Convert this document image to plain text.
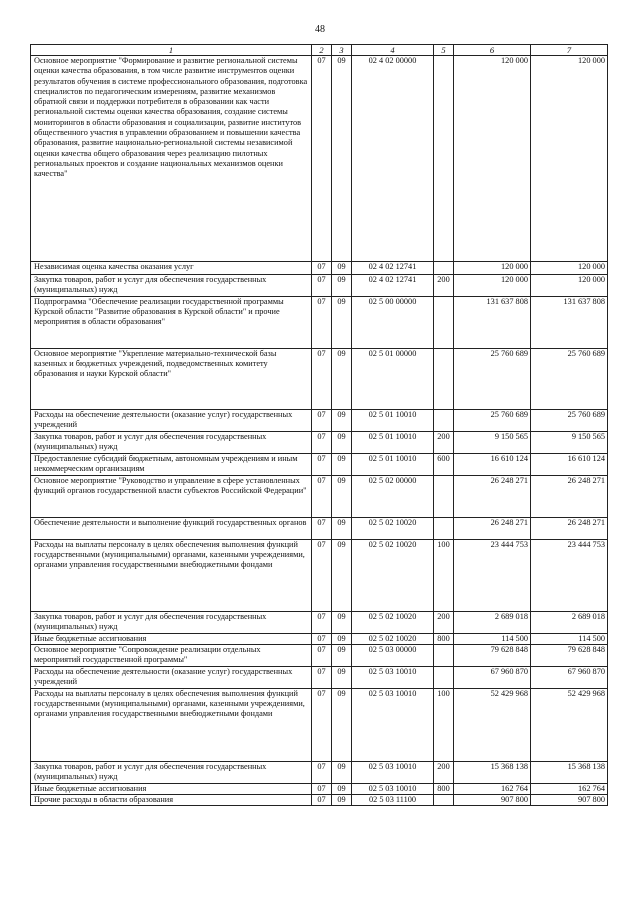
48
1	2	3	4	5	6	7
Основное мероприятие "Формирование и развитие региональной системы оценки качества образования, в том числе развитие инструментов оценки результатов обучения в системе профессионального образования, подготовка специалистов по педагогическим измерениям, развитие механизмов обратной связи и поддержки потребителя в образовании как части региональной системы оценки качества образования, создание системы мониторингов в области образования и социализации, развитие институтов общественного участия в управлении образованием и повышении качества образования, развитие национально-региональной системы независимой оценки качества общего образования через реализацию пилотных региональных проектов и создание национальных механизмов оценки качества"	07	09	02 4 02 00000		120 000	120 000
Независимая оценка качества оказания услуг	07	09	02 4 02 12741		120 000	120 000
Закупка товаров, работ и услуг для обеспечения государственных (муниципальных) нужд	07	09	02 4 02 12741	200	120 000	120 000
Подпрограмма "Обеспечение реализации государственной программы Курской области "Развитие образования в Курской области" и прочие мероприятия в области образования"	07	09	02 5 00 00000		131 637 808	131 637 808
Основное мероприятие "Укрепление материально-технической базы казенных и бюджетных учреждений, подведомственных комитету образования и науки Курской области"	07	09	02 5 01 00000		25 760 689	25 760 689
Расходы на обеспечение деятельности (оказание услуг) государственных учреждений	07	09	02 5 01 10010		25 760 689	25 760 689
Закупка товаров, работ и услуг для обеспечения государственных (муниципальных) нужд	07	09	02 5 01 10010	200	9 150 565	9 150 565
Предоставление субсидий бюджетным, автономным учреждениям и иным некоммерческим организациям	07	09	02 5 01 10010	600	16 610 124	16 610 124
Основное мероприятие "Руководство и управление в сфере установленных функций органов государственной власти субъектов Российской Федерации"	07	09	02 5 02 00000		26 248 271	26 248 271
Обеспечение деятельности и выполнение функций государственных органов	07	09	02 5 02 10020		26 248 271	26 248 271
Расходы на выплаты персоналу в целях обеспечения выполнения функций государственными (муниципальными) органами, казенными учреждениями, органами управления государственными внебюджетными фондами	07	09	02 5 02 10020	100	23 444 753	23 444 753
Закупка товаров, работ и услуг для обеспечения государственных (муниципальных) нужд	07	09	02 5 02 10020	200	2 689 018	2 689 018
Иные бюджетные ассигнования	07	09	02 5 02 10020	800	114 500	114 500
Основное мероприятие "Сопровождение реализации отдельных мероприятий государственной программы"	07	09	02 5 03 00000		79 628 848	79 628 848
Расходы на обеспечение деятельности (оказание услуг) государственных учреждений	07	09	02 5 03 10010		67 960 870	67 960 870
Расходы на выплаты персоналу в целях обеспечения выполнения функций государственными (муниципальными) органами, казенными учреждениями, органами управления государственными внебюджетными фондами	07	09	02 5 03 10010	100	52 429 968	52 429 968
Закупка товаров, работ и услуг для обеспечения государственных (муниципальных) нужд	07	09	02 5 03 10010	200	15 368 138	15 368 138
Иные бюджетные ассигнования	07	09	02 5 03 10010	800	162 764	162 764
Прочие расходы в области образования	07	09	02 5 03 11100		907 800	907 800
